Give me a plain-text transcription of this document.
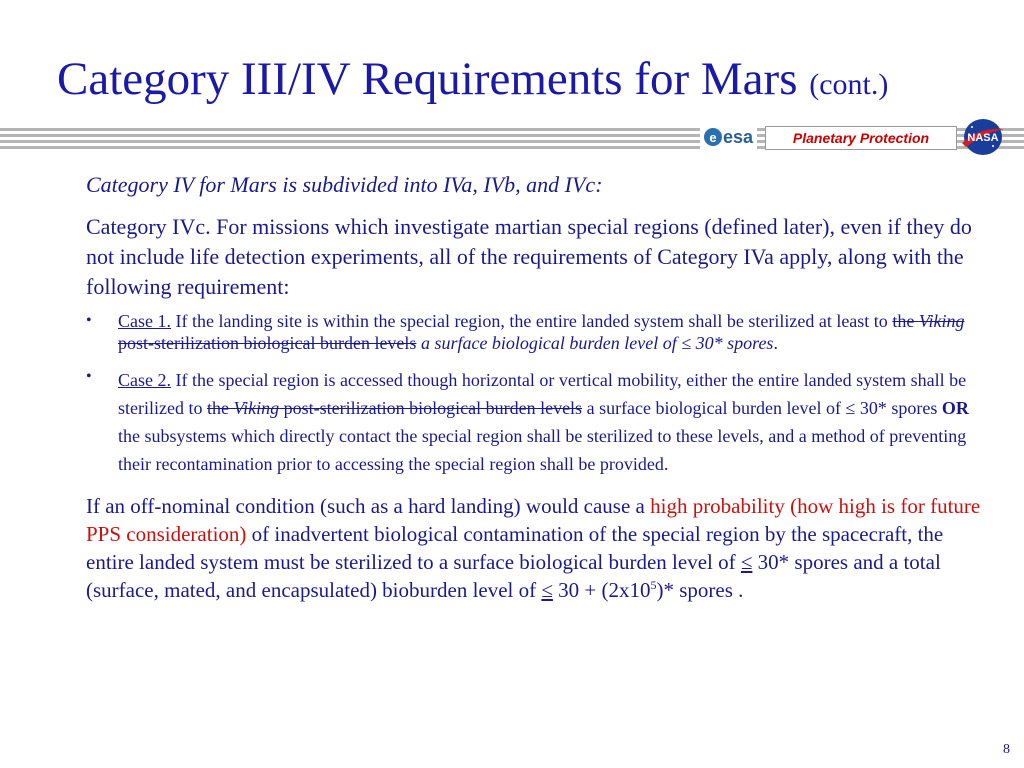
Category III/IV Requirements for Mars (cont.)
e esa	Planetary Protection	NASA

Category IV for Mars is subdivided into IVa, IVb, and IVc:

Category IVc. For missions which investigate martian special regions (defined later), even if they do not include life detection experiments, all of the requirements of Category IVa apply, along with the following requirement:

• Case 1. If the landing site is within the special region, the entire landed system shall be sterilized at least to the Viking post-sterilization biological burden levels a surface biological burden level of ≤ 30* spores.
• Case 2. If the special region is accessed though horizontal or vertical mobility, either the entire landed system shall be sterilized to the Viking post-sterilization biological burden levels a surface biological burden level of ≤ 30* spores OR
the subsystems which directly contact the special region shall be sterilized to these levels, and a method of preventing their recontamination prior to accessing the special region shall be provided.

If an off-nominal condition (such as a hard landing) would cause a high probability (how high is for future PPS consideration) of inadvertent biological contamination of the special region by the spacecraft, the entire landed system must be sterilized to a surface biological burden level of ≤ 30* spores and a total (surface, mated, and encapsulated) bioburden level of ≤ $30 + (2x10^5)*$ spores .

8
